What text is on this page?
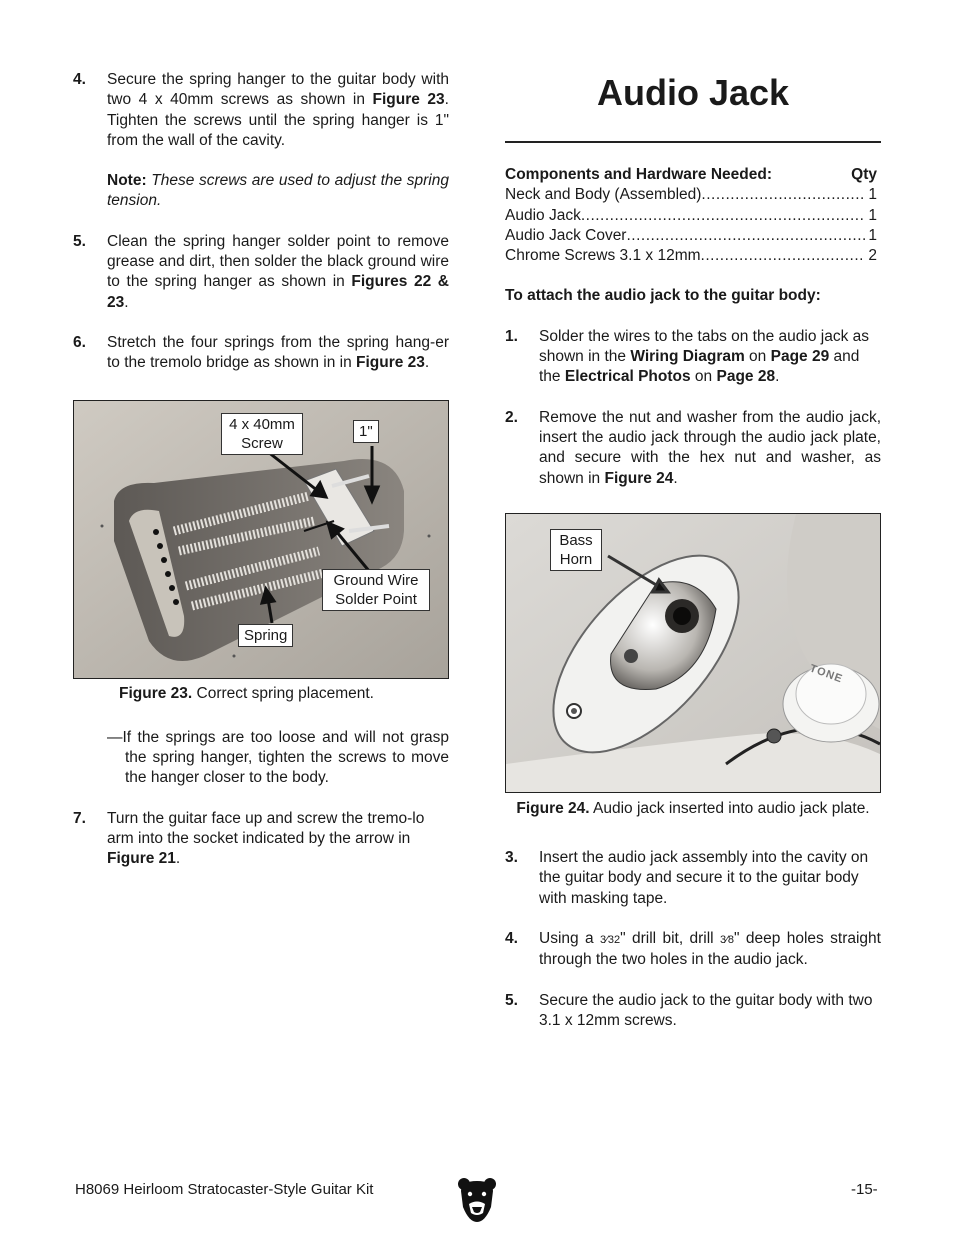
4.	Secure the spring hanger to the guitar body with two 4 x 40mm screws as shown in Figure 23. Tighten the screws until the spring hanger is 1" from the wall of the cavity.

Note: These screws are used to adjust the spring tension.

5.	Clean the spring hanger solder point to remove grease and dirt, then solder the black ground wire to the spring hanger as shown in Figures 22 & 23.

6.	Stretch the four springs from the spring hang-er to the tremolo bridge as shown in in Figure 23.

4 x 40mm Screw
1"
Ground Wire Solder Point
Spring

Figure 23. Correct spring placement.

—If the springs are too loose and will not grasp the spring hanger, tighten the screws to move the hanger closer to the body.

7.	Turn the guitar face up and screw the tremo-lo arm into the socket indicated by the arrow in Figure 21.

Audio Jack
Components and Hardware Needed:	Qty
Neck and Body (Assembled) .....	1
Audio Jack .....	1
Audio Jack Cover .....	1
Chrome Screws 3.1 x 12mm .....	2

To attach the audio jack to the guitar body:

1.	Solder the wires to the tabs on the audio jack as shown in the Wiring Diagram on Page 29 and the Electrical Photos on Page 28.

2.	Remove the nut and washer from the audio jack, insert the audio jack through the audio jack plate, and secure with the hex nut and washer, as shown in Figure 24.

Bass Horn
TONE

Figure 24. Audio jack inserted into audio jack plate.

3.	Insert the audio jack assembly into the cavity on the guitar body and secure it to the guitar body with masking tape.

4.	Using a 3⁄32" drill bit, drill 3⁄8" deep holes straight through the two holes in the audio jack.

5.	Secure the audio jack to the guitar body with two 3.1 x 12mm screws.

H8069 Heirloom Stratocaster-Style Guitar Kit	-15-
